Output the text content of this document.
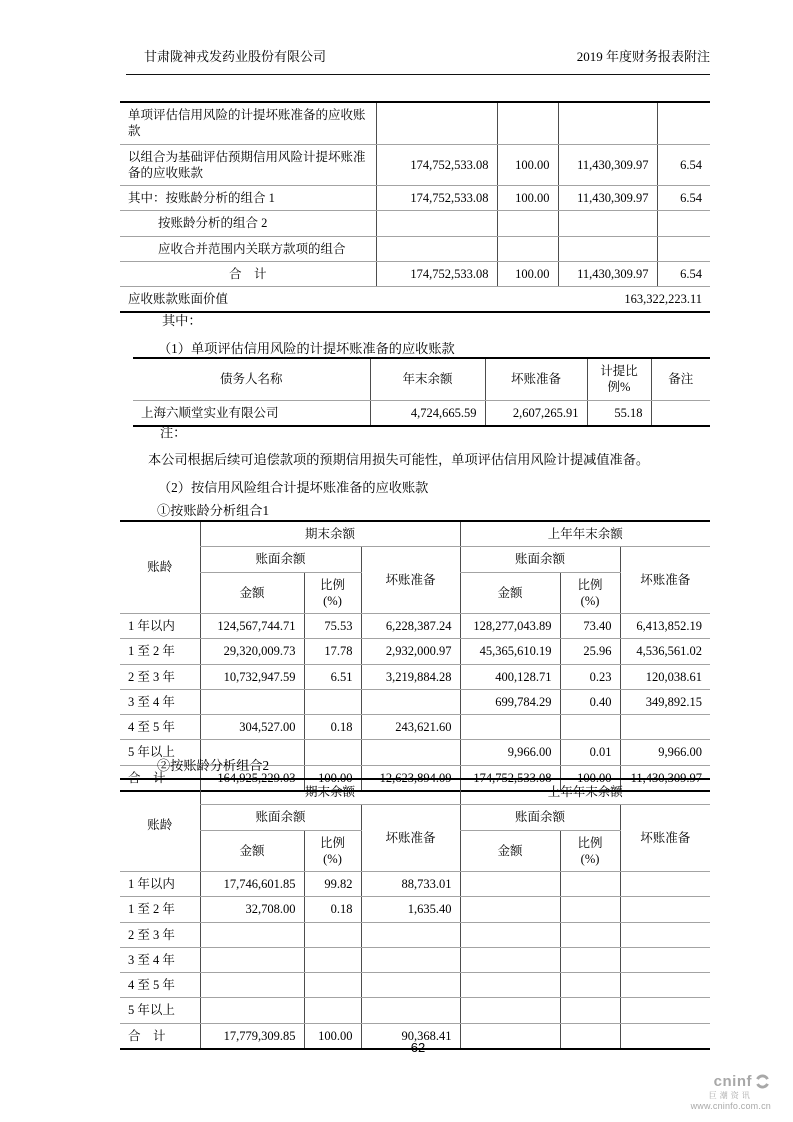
甘肃陇神戎发药业股份有限公司	2019 年度财务报表附注
单项评估信用风险的计提坏账准备的应收账款				
以组合为基础评估预期信用风险计提坏账准备的应收账款	174,752,533.08	100.00	11,430,309.97	6.54
其中：按账龄分析的组合 1	174,752,533.08	100.00	11,430,309.97	6.54
按账龄分析的组合 2				
应收合并范围内关联方款项的组合				
合　计	174,752,533.08	100.00	11,430,309.97	6.54
应收账款账面价值	163,322,223.11			

其中：

（1）单项评估信用风险的计提坏账准备的应收账款

债务人名称	年末余额	坏账准备	计提比例%	备注
上海六顺堂实业有限公司	4,724,665.59	2,607,265.91	55.18	

注：

本公司根据后续可追偿款项的预期信用损失可能性，单项评估信用风险计提减值准备。

（2）按信用风险组合计提坏账准备的应收账款

①按账龄分析组合1

账龄	期末余额			上年年末余额		
	账面余额		坏账准备	账面余额		坏账准备
	金额	比例(%)		金额	比例(%)	
1 年以内	124,567,744.71	75.53	6,228,387.24	128,277,043.89	73.40	6,413,852.19
1 至 2 年	29,320,009.73	17.78	2,932,000.97	45,365,610.19	25.96	4,536,561.02
2 至 3 年	10,732,947.59	6.51	3,219,884.28	400,128.71	0.23	120,038.61
3 至 4 年				699,784.29	0.40	349,892.15
4 至 5 年	304,527.00	0.18	243,621.60			
5 年以上				9,966.00	0.01	9,966.00
合　计	164,925,229.03	100.00	12,623,894.09	174,752,533.08	100.00	11,430,309.97

②按账龄分析组合2

账龄	期末余额			上年年末余额		
	账面余额		坏账准备	账面余额		坏账准备
	金额	比例(%)		金额	比例(%)	
1 年以内	17,746,601.85	99.82	88,733.01			
1 至 2 年	32,708.00	0.18	1,635.40			
2 至 3 年						
3 至 4 年						
4 至 5 年						
5 年以上						
合　计	17,779,309.85	100.00	90,368.41			
62
cninf
巨潮资讯
www.cninfo.com.cn
